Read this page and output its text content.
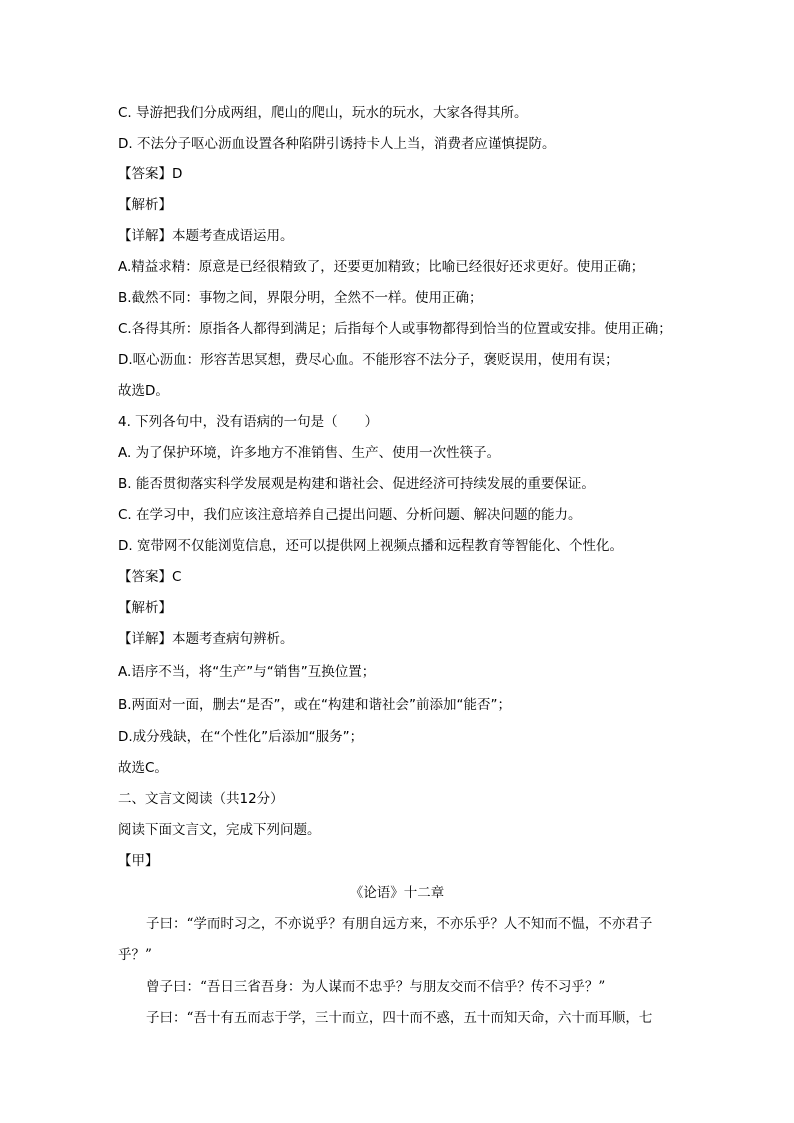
C. 导游把我们分成两组，爬山的爬山，玩水的玩水，大家各得其所。
D. 不法分子呕心沥血设置各种陷阱引诱持卡人上当，消费者应谨慎提防。
【答案】D
【解析】
【详解】本题考查成语运用。
A.精益求精：原意是已经很精致了，还要更加精致；比喻已经很好还求更好。使用正确；
B.截然不同：事物之间，界限分明，全然不一样。使用正确；
C.各得其所：原指各人都得到满足；后指每个人或事物都得到恰当的位置或安排。使用正确；
D.呕心沥血：形容苦思冥想，费尽心血。不能形容不法分子，褒贬误用，使用有误；
故选D。
4. 下列各句中，没有语病的一句是（　　）
A. 为了保护环境，许多地方不准销售、生产、使用一次性筷子。
B. 能否贯彻落实科学发展观是构建和谐社会、促进经济可持续发展的重要保证。
C. 在学习中，我们应该注意培养自己提出问题、分析问题、解决问题的能力。
D. 宽带网不仅能浏览信息，还可以提供网上视频点播和远程教育等智能化、个性化。
【答案】C
【解析】
【详解】本题考查病句辨析。
A.语序不当，将“生产”与“销售”互换位置；
B.两面对一面，删去“是否”，或在“构建和谐社会”前添加“能否”；
D.成分残缺，在“个性化”后添加“服务”；
故选C。
二、文言文阅读（共12分）
阅读下面文言文，完成下列问题。
【甲】
《论语》十二章
子曰：“学而时习之，不亦说乎？有朋自远方来，不亦乐乎？人不知而不愠，不亦君子
乎？”
曾子曰：“吾日三省吾身：为人谋而不忠乎？与朋友交而不信乎？传不习乎？”
子曰：“吾十有五而志于学，三十而立，四十而不惑，五十而知天命，六十而耳顺，七
